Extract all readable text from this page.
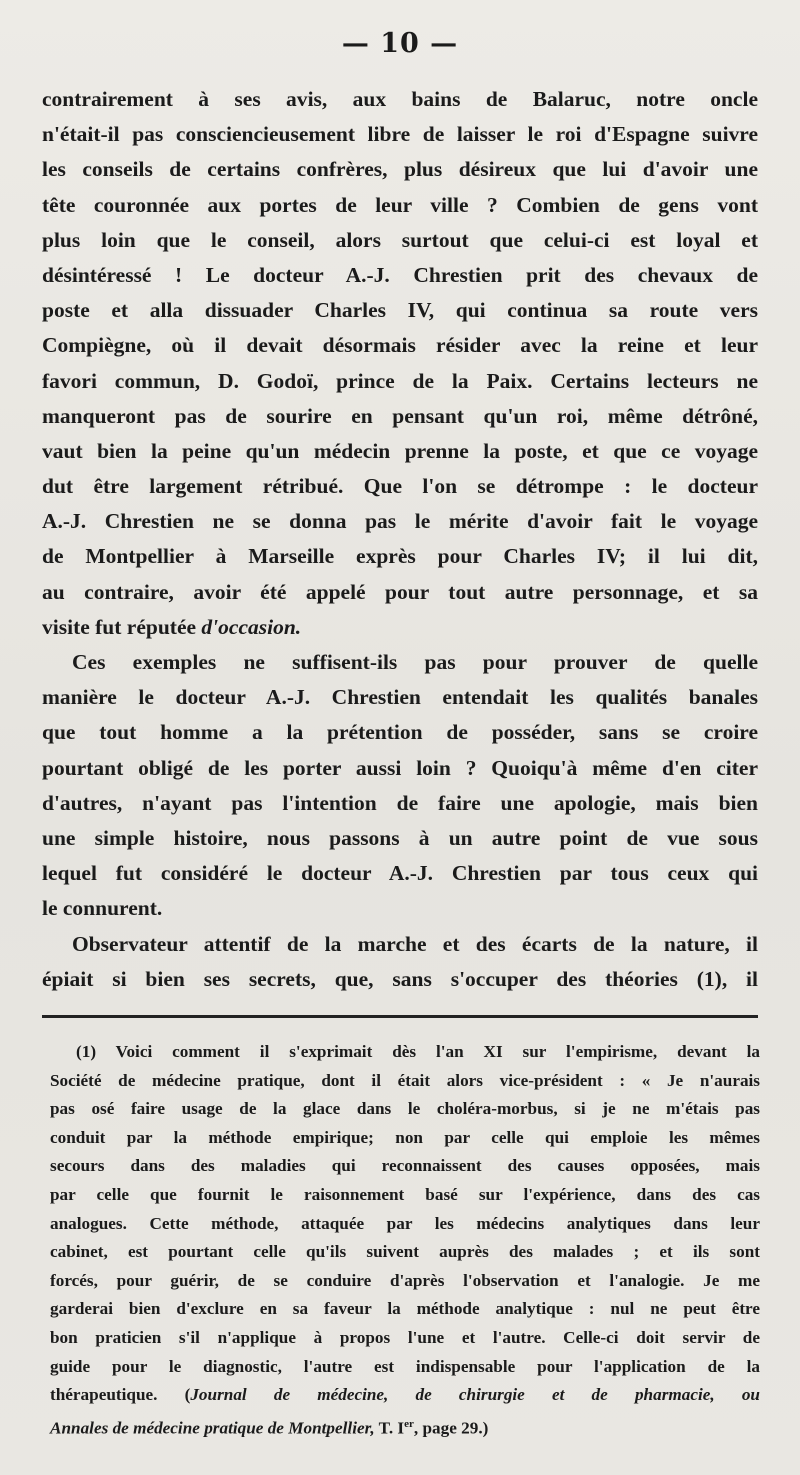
— 10 —
contrairement à ses avis, aux bains de Balaruc, notre oncle
n'était-il pas consciencieusement libre de laisser le roi d'Espagne suivre
les conseils de certains confrères, plus désireux que lui d'avoir une
tête couronnée aux portes de leur ville ? Combien de gens vont
plus loin que le conseil, alors surtout que celui-ci est loyal et
désintéressé ! Le docteur A.-J. Chrestien prit des chevaux de
poste et alla dissuader Charles IV, qui continua sa route vers
Compiègne, où il devait désormais résider avec la reine et leur
favori commun, D. Godoï, prince de la Paix. Certains lecteurs ne
manqueront pas de sourire en pensant qu'un roi, même détrôné,
vaut bien la peine qu'un médecin prenne la poste, et que ce voyage
dut être largement rétribué. Que l'on se détrompe : le docteur
A.-J. Chrestien ne se donna pas le mérite d'avoir fait le voyage
de Montpellier à Marseille exprès pour Charles IV; il lui dit,
au contraire, avoir été appelé pour tout autre personnage, et sa
visite fut réputée d'occasion.
Ces exemples ne suffisent-ils pas pour prouver de quelle
manière le docteur A.-J. Chrestien entendait les qualités banales
que tout homme a la prétention de posséder, sans se croire
pourtant obligé de les porter aussi loin ? Quoiqu'à même d'en citer
d'autres, n'ayant pas l'intention de faire une apologie, mais bien
une simple histoire, nous passons à un autre point de vue sous
lequel fut considéré le docteur A.-J. Chrestien par tous ceux qui
le connurent.
Observateur attentif de la marche et des écarts de la nature, il
épiait si bien ses secrets, que, sans s'occuper des théories (1), il
(1) Voici comment il s'exprimait dès l'an XI sur l'empirisme, devant la
Société de médecine pratique, dont il était alors vice-président : « Je n'aurais
pas osé faire usage de la glace dans le choléra-morbus, si je ne m'étais pas
conduit par la méthode empirique; non par celle qui emploie les mêmes
secours dans des maladies qui reconnaissent des causes opposées, mais
par celle que fournit le raisonnement basé sur l'expérience, dans des cas
analogues. Cette méthode, attaquée par les médecins analytiques dans leur
cabinet, est pourtant celle qu'ils suivent auprès des malades ; et ils sont
forcés, pour guérir, de se conduire d'après l'observation et l'analogie. Je me
garderai bien d'exclure en sa faveur la méthode analytique : nul ne peut être
bon praticien s'il n'applique à propos l'une et l'autre. Celle-ci doit servir de
guide pour le diagnostic, l'autre est indispensable pour l'application de la
thérapeutique. (Journal de médecine, de chirurgie et de pharmacie, ou
Annales de médecine pratique de Montpellier, T. Ier, page 29.)
